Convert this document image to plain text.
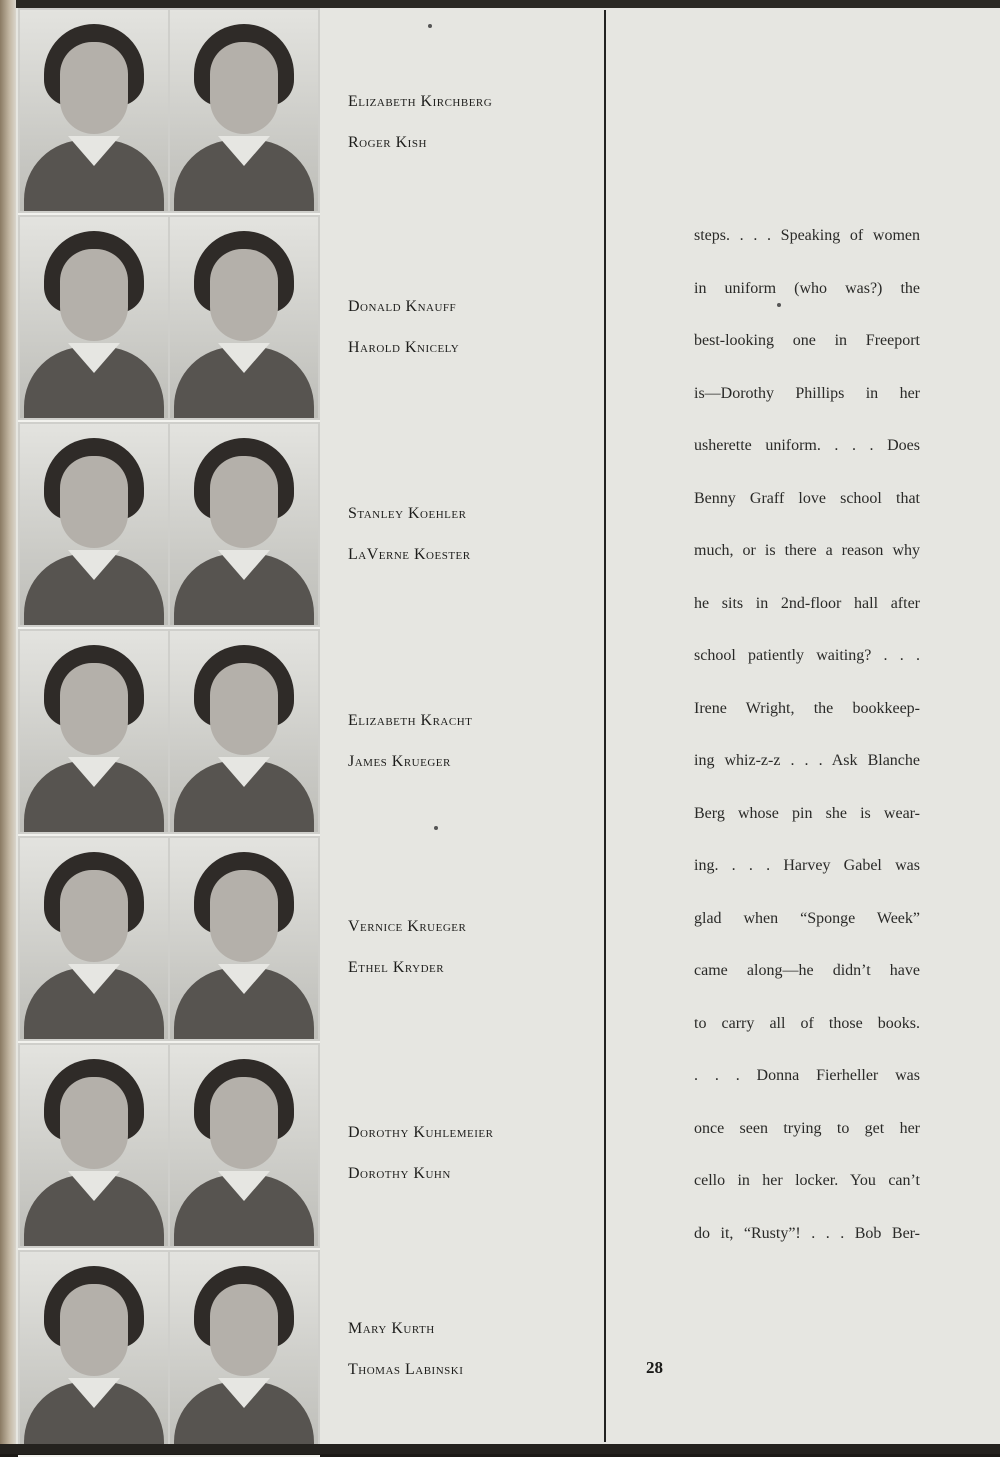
Elizabeth Kirchberg
Roger Kish
Donald Knauff
Harold Knicely
Stanley Koehler
LaVerne Koester
Elizabeth Kracht
James Krueger
Vernice Krueger
Ethel Kryder
Dorothy Kuhlemeier
Dorothy Kuhn
Mary Kurth
Thomas Labinski
steps. . . . Speaking of women
in uniform (who was?) the
best-looking one in Freeport
is—Dorothy Phillips in her
usherette uniform. . . . Does
Benny Graff love school that
much, or is there a reason why
he sits in 2nd-floor hall after
school patiently waiting? . . .
Irene Wright, the bookkeep-
ing whiz-z-z . . . Ask Blanche
Berg whose pin she is wear-
ing. . . . Harvey Gabel was
glad when “Sponge Week”
came along—he didn’t have
to carry all of those books.
. . . Donna Fierheller was
once seen trying to get her
cello in her locker. You can’t
do it, “Rusty”! . . . Bob Ber-
28
